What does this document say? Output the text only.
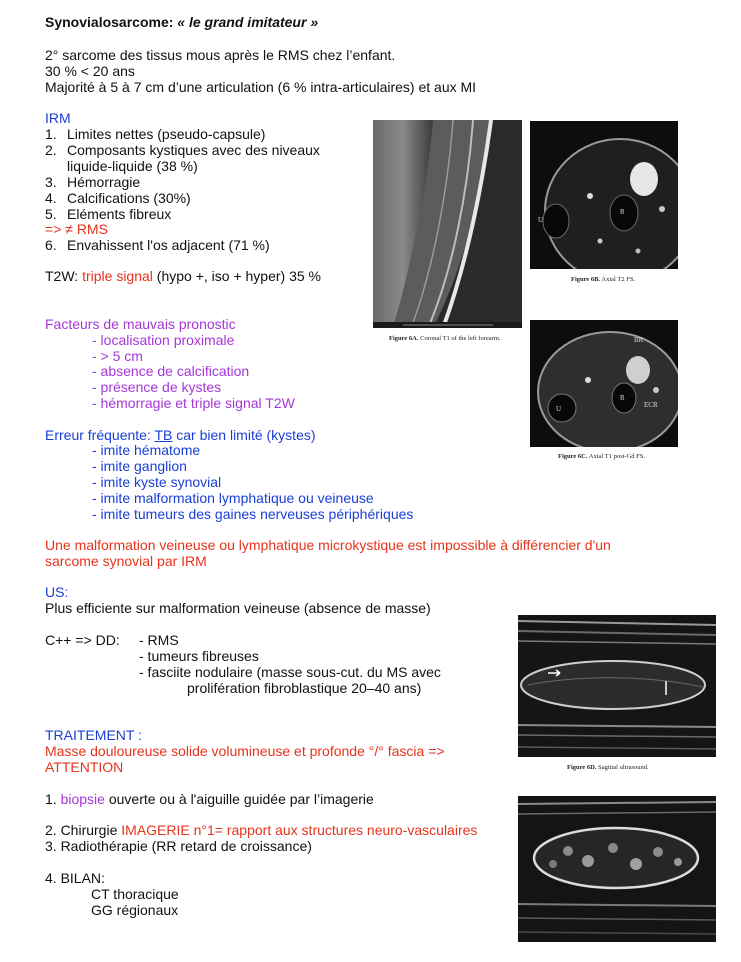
Synovialosarcome: « le grand imitateur »
2° sarcome des tissus mous après le RMS chez l’enfant.
30 % < 20 ans
Majorité à 5 à 7 cm d’une articulation (6 % intra-articulaires) et aux MI
IRM
1. Limites nettes (pseudo-capsule)
2. Composants kystiques avec des niveaux
liquide-liquide (38 %)
3. Hémorragie
4. Calcifications (30%)
5. Eléments fibreux
=> ≠ RMS
6. Envahissent l'os adjacent (71 %)
T2W: triple signal (hypo +, iso + hyper) 35 %
Facteurs de mauvais pronostic
- localisation proximale
- > 5 cm
- absence de calcification
- présence de kystes
- hémorragie et triple signal T2W
Erreur fréquente: TB car bien limité (kystes)
- imite hématome
- imite ganglion
- imite kyste synovial
- imite malformation lymphatique ou veineuse
- imite tumeurs des gaines nerveuses périphériques
Une malformation veineuse ou lymphatique microkystique est impossible à différencier d'un
sarcome synovial par IRM
US:
Plus efficiente sur malformation veineuse (absence de masse)
C++ => DD: - RMS
- tumeurs fibreuses
- fasciite nodulaire (masse sous-cut. du MS avec
prolifération fibroblastique 20–40 ans)
TRAITEMENT :
Masse douloureuse solide volumineuse et profonde °/° fascia =>
ATTENTION
1. biopsie ouverte ou à l'aiguille guidée par l’imagerie
2. Chirurgie IMAGERIE n°1= rapport aux structures neuro-vasculaires
3. Radiothérapie (RR retard de croissance)
4. BILAN:
CT thoracique
GG régionaux
Figure 6A. Coronal T1 of the left forearm.
R
U
Figure 6B. Axial T2 FS.
BR
R
U	ECR
Figure 6C. Axial T1 post-Gd FS.
Figure 6D. Sagittal ultrasound.
